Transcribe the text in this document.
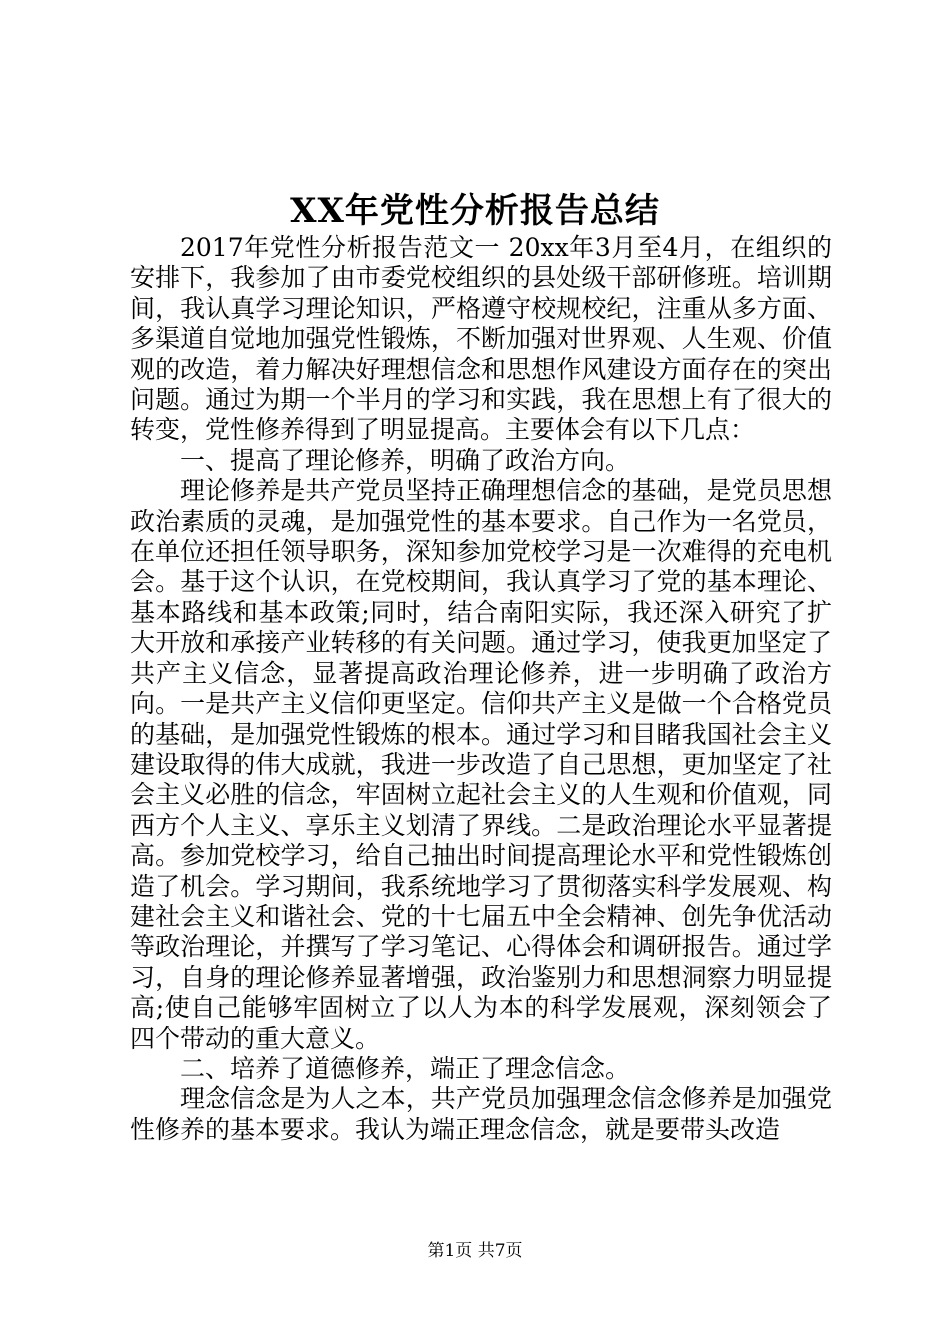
XX年党性分析报告总结

2017年党性分析报告范文一 20xx年3月至4月，在组织的安排下，我参加了由市委党校组织的县处级干部研修班。培训期间，我认真学习理论知识，严格遵守校规校纪，注重从多方面、多渠道自觉地加强党性锻炼，不断加强对世界观、人生观、价值观的改造，着力解决好理想信念和思想作风建设方面存在的突出问题。通过为期一个半月的学习和实践，我在思想上有了很大的转变，党性修养得到了明显提高。主要体会有以下几点：

一、提高了理论修养，明确了政治方向。

理论修养是共产党员坚持正确理想信念的基础，是党员思想政治素质的灵魂，是加强党性的基本要求。自己作为一名党员，在单位还担任领导职务，深知参加党校学习是一次难得的充电机会。基于这个认识，在党校期间，我认真学习了党的基本理论、基本路线和基本政策;同时，结合南阳实际，我还深入研究了扩大开放和承接产业转移的有关问题。通过学习，使我更加坚定了共产主义信念，显著提高政治理论修养，进一步明确了政治方向。一是共产主义信仰更坚定。信仰共产主义是做一个合格党员的基础，是加强党性锻炼的根本。通过学习和目睹我国社会主义建设取得的伟大成就，我进一步改造了自己思想，更加坚定了社会主义必胜的信念，牢固树立起社会主义的人生观和价值观，同西方个人主义、享乐主义划清了界线。二是政治理论水平显著提高。参加党校学习，给自己抽出时间提高理论水平和党性锻炼创造了机会。学习期间，我系统地学习了贯彻落实科学发展观、构建社会主义和谐社会、党的十七届五中全会精神、创先争优活动等政治理论，并撰写了学习笔记、心得体会和调研报告。通过学习，自身的理论修养显著增强，政治鉴别力和思想洞察力明显提高;使自己能够牢固树立了以人为本的科学发展观，深刻领会了四个带动的重大意义。

二、培养了道德修养，端正了理念信念。

理念信念是为人之本，共产党员加强理念信念修养是加强党性修养的基本要求。我认为端正理念信念，就是要带头改造

第1页 共7页
